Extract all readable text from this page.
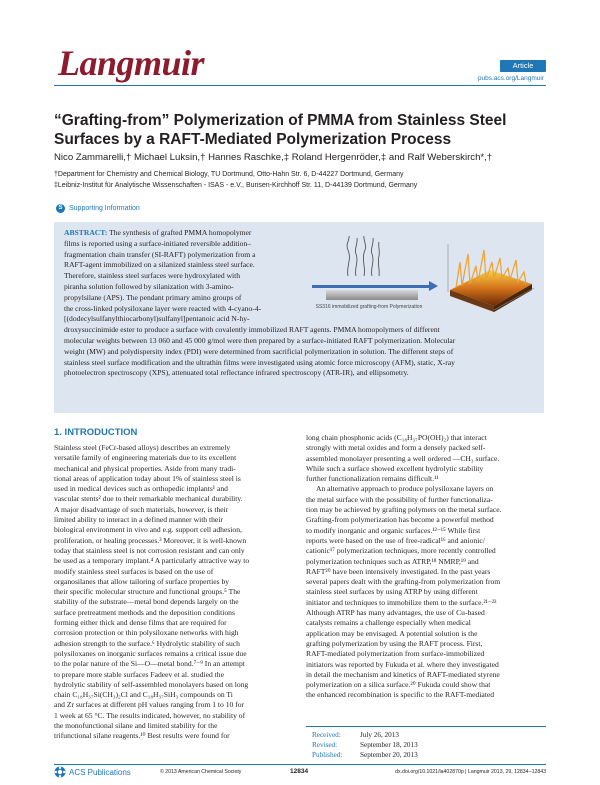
Langmuir	Article
pubs.acs.org/Langmuir
“Grafting-from” Polymerization of PMMA from Stainless Steel Surfaces by a RAFT-Mediated Polymerization Process
Nico Zammarelli,† Michael Luksin,† Hannes Raschke,‡ Roland Hergenröder,‡ and Ralf Weberskirch*,†
†Department for Chemistry and Chemical Biology, TU Dortmund, Otto-Hahn Str. 6, D-44227 Dortmund, Germany
‡Leibniz-Institut für Analytische Wissenschaften - ISAS - e.V., Bunsen-Kirchhoff Str. 11, D-44139 Dortmund, Germany
S Supporting Information
ABSTRACT: The synthesis of grafted PMMA homopolymer
films is reported using a surface-initiated reversible addition–
fragmentation chain transfer (SI-RAFT) polymerization from a
RAFT-agent immobilized on a silanized stainless steel surface.
Therefore, stainless steel surfaces were hydroxylated with
piranha solution followed by silanization with 3-amino-
propylsilane (APS). The pendant primary amino groups of
the cross-linked polysiloxane layer were reacted with 4-cyano-4-
[(dodecylsulfanylthiocarbonyl)sulfanyl]pentanoic acid N-hy-
droxysuccinimide ester to produce a surface with covalently immobilized RAFT agents. PMMA homopolymers of different
molecular weights between 13 060 and 45 000 g/mol were then prepared by a surface-initiated RAFT polymerization. Molecular
weight (MW) and polydispersity index (PDI) were determined from sacrificial polymerization in solution. The different steps of
stainless steel surface modification and the ultrathin films were investigated using atomic force microscopy (AFM), static, X-ray
photoelectron spectroscopy (XPS), attenuated total reflectance infrared spectroscopy (ATR-IR), and ellipsometry.
SS316 immobilized grafting-from Polymerization
1. INTRODUCTION
Stainless steel (FeCr-based alloys) describes an extremely
versatile family of engineering materials due to its excellent
mechanical and physical properties. Aside from many tradi-
tional areas of application today about 1% of stainless steel is
used in medical devices such as orthopedic implants¹ and
vascular stents² due to their remarkable mechanical durability.
A major disadvantage of such materials, however, is their
limited ability to interact in a defined manner with their
biological environment in vivo and e.g. support cell adhesion,
proliferation, or healing processes.³ Moreover, it is well-known
today that stainless steel is not corrosion resistant and can only
be used as a temporary implant.⁴ A particularly attractive way to
modify stainless steel surfaces is based on the use of
organosilanes that allow tailoring of surface properties by
their specific molecular structure and functional groups.⁵ The
stability of the substrate—metal bond depends largely on the
surface pretreatment methods and the deposition conditions
forming either thick and dense films that are required for
corrosion protection or thin polysiloxane networks with high
adhesion strength to the surface.⁶ Hydrolytic stability of such
polysiloxanes on inorganic surfaces remains a critical issue due
to the polar nature of the Si—O—metal bond.⁷⁻⁹ In an attempt
to prepare more stable surfaces Fadeev et al. studied the
hydrolytic stability of self-assembled monolayers based on long
chain C₁₈H₃₇Si(CH₃)₂Cl and C₁₈H₃₇SiH₃ compounds on Ti
and Zr surfaces at different pH values ranging from 1 to 10 for
1 week at 65 °C. The results indicated, however, no stability of
the monofunctional silane and limited stability for the
trifunctional silane reagents.¹⁰ Best results were found for
long chain phosphonic acids (C₁₈H₃₇PO(OH)₂) that interact
strongly with metal oxides and form a densely packed self-
assembled monolayer presenting a well ordered —CH₃ surface.
While such a surface showed excellent hydrolytic stability
further functionalization remains difficult.¹¹
An alternative approach to produce polysiloxane layers on
the metal surface with the possibility of further functionaliza-
tion may be achieved by grafting polymers on the metal surface.
Grafting-from polymerization has become a powerful method
to modify inorganic and organic surfaces.¹²⁻¹⁵ While first
reports were based on the use of free-radical¹⁶ and anionic/
cationic¹⁷ polymerization techniques, more recently controlled
polymerization techniques such as ATRP,¹⁸ NMRP,¹⁹ and
RAFT²⁰ have been intensively investigated. In the past years
several papers dealt with the grafting-from polymerization from
stainless steel surfaces by using ATRP by using different
initiator and techniques to immobilize them to the surface.²¹⁻²³
Although ATRP has many advantages, the use of Cu-based
catalysts remains a challenge especially when medical
application may be envisaged. A potential solution is the
grafting polymerization by using the RAFT process. First,
RAFT-mediated polymerization from surface-immobilized
initiators was reported by Fukuda et al. where they investigated
in detail the mechanism and kinetics of RAFT-mediated styrene
polymerization on a silica surface.²⁰ Fukuda could show that
the enhanced recombination is specific to the RAFT-mediated
Received:	July 26, 2013
Revised:	September 18, 2013
Published: September 20, 2013
ACS Publications	© 2013 American Chemical Society	12834	dx.doi.org/10.1021/la402870p | Langmuir 2013, 29, 12834−12843
